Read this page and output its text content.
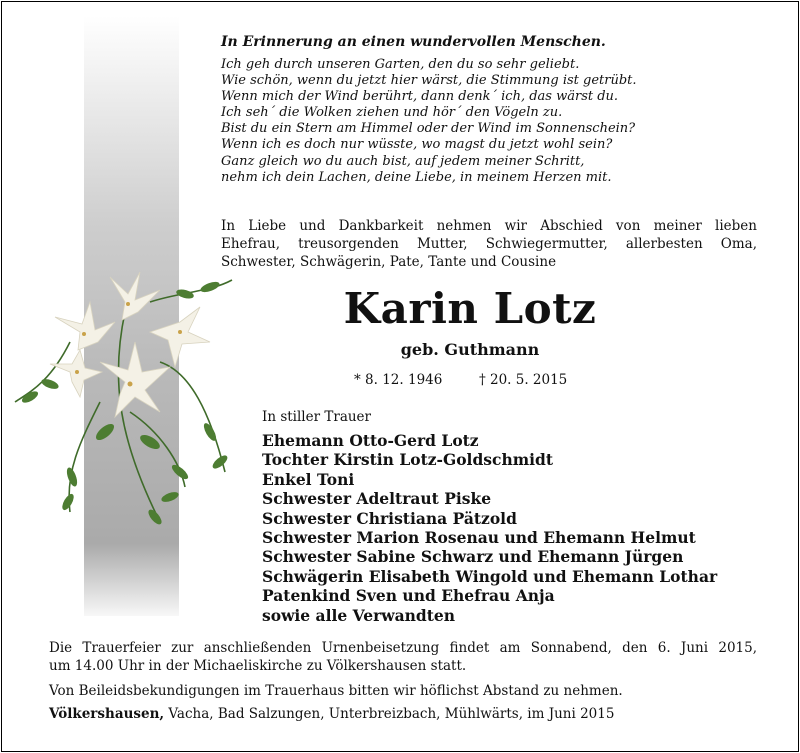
In Erinnerung an einen wundervollen Menschen.
Ich geh durch unseren Garten, den du so sehr geliebt.
Wie schön, wenn du jetzt hier wärst, die Stimmung ist getrübt.
Wenn mich der Wind berührt, dann denk´ ich, das wärst du.
Ich seh´ die Wolken ziehen und hör´ den Vögeln zu.
Bist du ein Stern am Himmel oder der Wind im Sonnenschein?
Wenn ich es doch nur wüsste, wo magst du jetzt wohl sein?
Ganz gleich wo du auch bist, auf jedem meiner Schritt,
nehm ich dein Lachen, deine Liebe, in meinem Herzen mit.
In Liebe und Dankbarkeit nehmen wir Abschied von meiner lieben
Ehefrau, treusorgenden Mutter, Schwiegermutter, allerbesten Oma,
Schwester, Schwägerin, Pate, Tante und Cousine
Karin Lotz
geb. Guthmann
* 8. 12. 1946	† 20. 5. 2015
In stiller Trauer
Ehemann Otto-Gerd Lotz
Tochter Kirstin Lotz-Goldschmidt
Enkel Toni
Schwester Adeltraut Piske
Schwester Christiana Pätzold
Schwester Marion Rosenau und Ehemann Helmut
Schwester Sabine Schwarz und Ehemann Jürgen
Schwägerin Elisabeth Wingold und Ehemann Lothar
Patenkind Sven und Ehefrau Anja
sowie alle Verwandten
Die Trauerfeier zur anschließenden Urnenbeisetzung findet am Sonnabend, den 6. Juni 2015,
um 14.00 Uhr in der Michaeliskirche zu Völkershausen statt.
Von Beileidsbekundigungen im Trauerhaus bitten wir höflichst Abstand zu nehmen.
Völkershausen, Vacha, Bad Salzungen, Unterbreizbach, Mühlwärts, im Juni 2015
